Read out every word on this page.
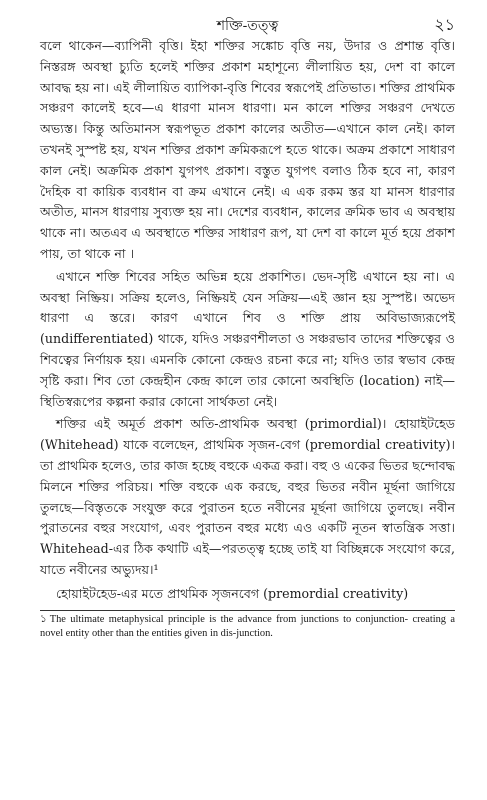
শক্তি-তত্ত্ব	২১

বলে থাকেন—ব্যাপিনী বৃত্তি। ইহা শক্তির সঙ্কোচ বৃত্তি নয়, উদার ও প্রশান্ত বৃত্তি। নিস্তরঙ্গ অবস্থা চ্যুতি হলেই শক্তির প্রকাশ মহাশূন্যে লীলায়িত হয়, দেশ বা কালে আবদ্ধ হয় না। এই লীলায়িত ব্যাপিকা-বৃত্তি শিবের স্বরূপেই প্রতিভাত। শক্তির প্রাথমিক সঞ্চরণ কালেই হবে—এ ধারণা মানস ধারণা। মন কালে শক্তির সঞ্চরণ দেখতে অভ্যস্ত। কিন্তু অতিমানস স্বরূপভূত প্রকাশ কালের অতীত—এখানে কাল নেই। কাল তখনই সুস্পষ্ট হয়, যখন শক্তির প্রকাশ ক্রমিকরূপে হতে থাকে। অক্রম প্রকাশে সাধারণ কাল নেই। অক্রমিক প্রকাশ যুগপৎ প্রকাশ। বস্তুত যুগপৎ বলাও ঠিক হবে না, কারণ দৈহিক বা কায়িক ব্যবধান বা ক্রম এখানে নেই। এ এক রকম স্তর যা মানস ধারণার অতীত, মানস ধারণায় সুব্যক্ত হয় না। দেশের ব্যবধান, কালের ক্রমিক ভাব এ অবস্থায় থাকে না। অতএব এ অবস্থাতে শক্তির সাধারণ রূপ, যা দেশ বা কালে মূর্ত হয়ে প্রকাশ পায়, তা থাকে না ।

এখানে শক্তি শিবের সহিত অভিন্ন হয়ে প্রকাশিত। ভেদ-সৃষ্টি এখানে হয় না। এ অবস্থা নিষ্ক্রিয়। সক্রিয় হলেও, নিষ্ক্রিয়ই যেন সক্রিয়—এই জ্ঞান হয় সুস্পষ্ট। অভেদ ধারণা এ স্তরে। কারণ এখানে শিব ও শক্তি প্রায় অবিভাজ্যরূপেই (undifferentiated) থাকে, যদিও সঞ্চরণশীলতা ও সঞ্চরভাব তাদের শক্তিত্বের ও শিবত্বের নির্ণায়ক হয়। এমনকি কোনো কেন্দ্রও রচনা করে না; যদিও তার স্বভাব কেন্দ্র সৃষ্টি করা। শিব তো কেন্দ্রহীন কেন্দ্র কালে তার কোনো অবস্থিতি (location) নাই—স্থিতিস্বরূপের কল্পনা করার কোনো সার্থকতা নেই।

শক্তির এই অমূর্ত প্রকাশ অতি-প্রাথমিক অবস্থা (primordial)। হোয়াইটহেড (Whitehead) যাকে বলেছেন, প্রাথমিক সৃজন-বেগ (premordial creativity)। তা প্রাথমিক হলেও, তার কাজ হচ্ছে বহুকে একত্র করা। বহু ও একের ভিতর ছন্দোবদ্ধ মিলনে শক্তির পরিচয়। শক্তি বহুকে এক করছে, বহুর ভিতর নবীন মূর্ছনা জাগিয়ে তুলছে—বিস্তৃতকে সংযুক্ত করে পুরাতন হতে নবীনের মূর্ছনা জাগিয়ে তুলছে। নবীন পুরাতনের বহুর সংযোগ, এবং পুরাতন বহুর মধ্যে এও একটি নূতন স্বাতন্ত্রিক সত্তা। Whitehead-এর ঠিক কথাটি এই—পরতত্ত্ব হচ্ছে তাই যা বিচ্ছিন্নকে সংযোগ করে, যাতে নবীনের অভ্যুদয়।¹

হোয়াইটহেড-এর মতে প্রাথমিক সৃজনবেগ (premordial creativity)
১ The ultimate metaphysical principle is the advance from junctions to conjunction- creating a novel entity other than the entities given in dis-junction.
